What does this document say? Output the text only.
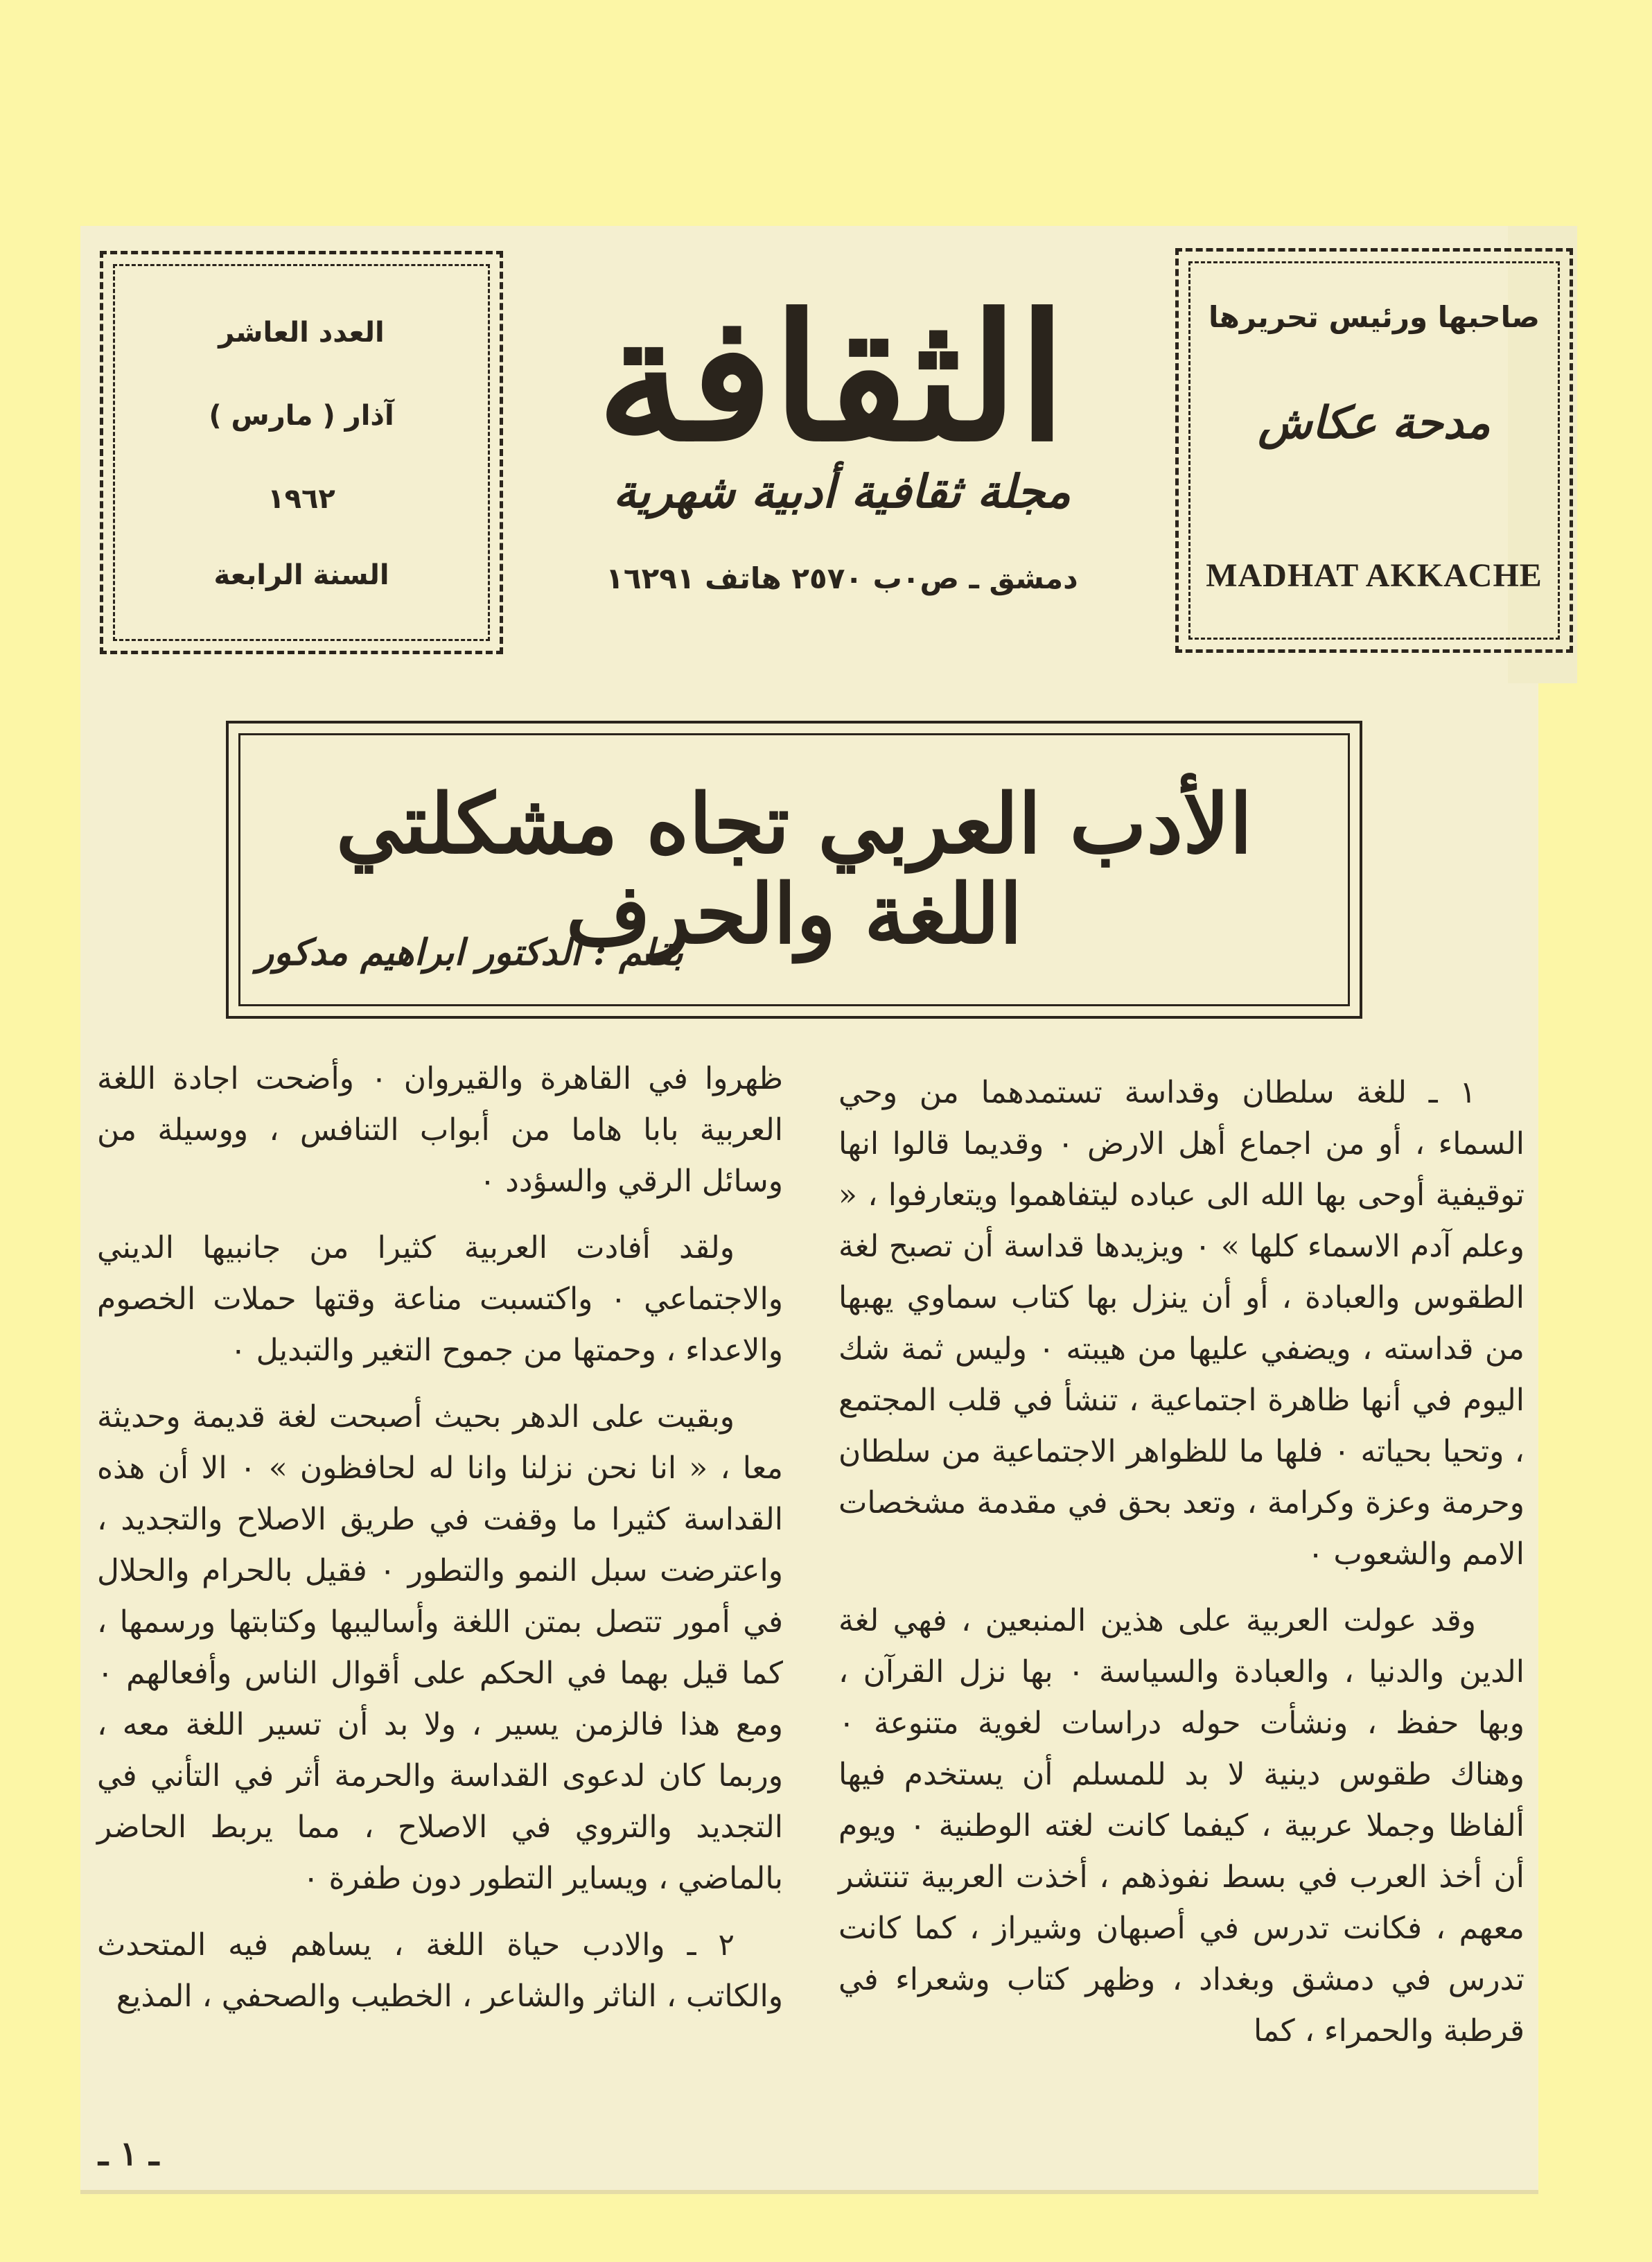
العدد العاشر
آذار ( مارس )
١٩٦٢
السنة الرابعة
الثقافة
مجلة ثقافية أدبية شهرية
دمشق ـ ص٠ب ٢٥٧٠ هاتف ١٦٢٩١
صاحبها ورئيس تحريرها
مدحة عكاش
MADHAT AKKACHE
الأدب العربي تجاه مشكلتي اللغة والحرف
بقلم : الدكتور ابراهيم مدكور

١ ـ للغة سلطان وقداسة تستمدهما من وحي السماء ، أو من اجماع أهل الارض ٠ وقديما قالوا انها توقيفية أوحى بها الله الى عباده ليتفاهموا ويتعارفوا ، « وعلم آدم الاسماء كلها » ٠ ويزيدها قداسة أن تصبح لغة الطقوس والعبادة ، أو أن ينزل بها كتاب سماوي يهبها من قداسته ، ويضفي عليها من هيبته ٠ وليس ثمة شك اليوم في أنها ظاهرة اجتماعية ، تنشأ في قلب المجتمع ، وتحيا بحياته ٠ فلها ما للظواهر الاجتماعية من سلطان وحرمة وعزة وكرامة ، وتعد بحق في مقدمة مشخصات الامم والشعوب ٠

وقد عولت العربية على هذين المنبعين ، فهي لغة الدين والدنيا ، والعبادة والسياسة ٠ بها نزل القرآن ، وبها حفظ ، ونشأت حوله دراسات لغوية متنوعة ٠ وهناك طقوس دينية لا بد للمسلم أن يستخدم فيها ألفاظا وجملا عربية ، كيفما كانت لغته الوطنية ٠ ويوم أن أخذ العرب في بسط نفوذهم ، أخذت العربية تنتشر معهم ، فكانت تدرس في أصبهان وشيراز ، كما كانت تدرس في دمشق وبغداد ، وظهر كتاب وشعراء في قرطبة والحمراء ، كما

ظهروا في القاهرة والقيروان ٠ وأضحت اجادة اللغة العربية بابا هاما من أبواب التنافس ، ووسيلة من وسائل الرقي والسؤدد ٠

ولقد أفادت العربية كثيرا من جانبيها الديني والاجتماعي ٠ واكتسبت مناعة وقتها حملات الخصوم والاعداء ، وحمتها من جموح التغير والتبديل ٠

وبقيت على الدهر بحيث أصبحت لغة قديمة وحديثة معا ، « انا نحن نزلنا وانا له لحافظون » ٠ الا أن هذه القداسة كثيرا ما وقفت في طريق الاصلاح والتجديد ، واعترضت سبل النمو والتطور ٠ فقيل بالحرام والحلال في أمور تتصل بمتن اللغة وأساليبها وكتابتها ورسمها ، كما قيل بهما في الحكم على أقوال الناس وأفعالهم ٠ ومع هذا فالزمن يسير ، ولا بد أن تسير اللغة معه ، وربما كان لدعوى القداسة والحرمة أثر في التأني في التجديد والتروي في الاصلاح ، مما يربط الحاضر بالماضي ، ويساير التطور دون طفرة ٠

٢ ـ والادب حياة اللغة ، يساهم فيه المتحدث والكاتب ، الناثر والشاعر ، الخطيب والصحفي ، المذيع

ـ ١ ـ
